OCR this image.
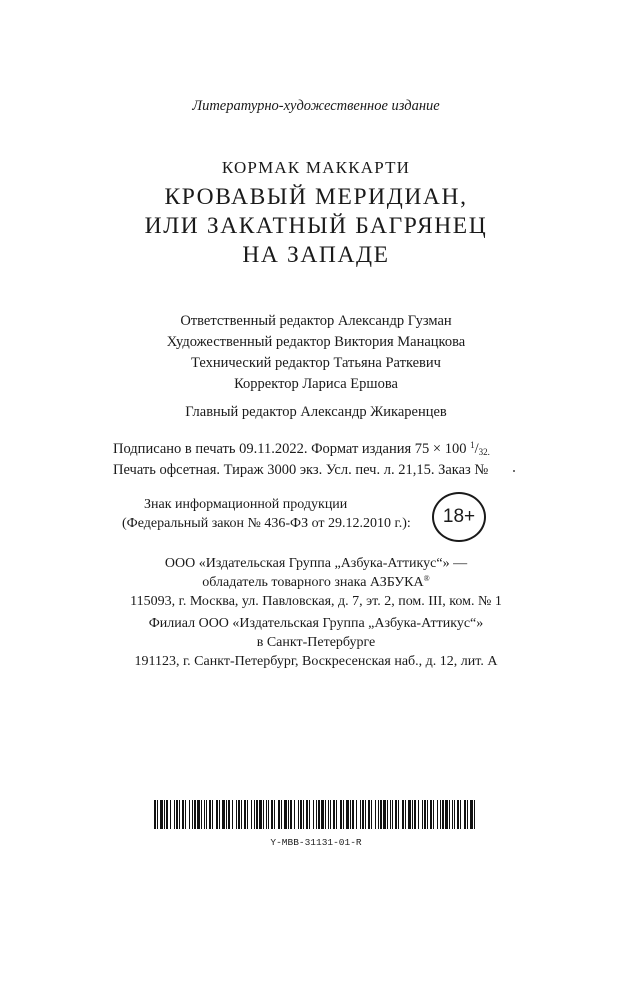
Литературно-художественное издание
КОРМАК МАККАРТИ
КРОВАВЫЙ МЕРИДИАН,
ИЛИ ЗАКАТНЫЙ БАГРЯНЕЦ
НА ЗАПАДЕ
Ответственный редактор Александр Гузман
Художественный редактор Виктория Манацкова
Технический редактор Татьяна Раткевич
Корректор Лариса Ершова
Главный редактор Александр Жикаренцев
Подписано в печать 09.11.2022. Формат издания 75 × 100 $^1$/32.
Печать офсетная. Тираж 3000 экз. Усл. печ. л. 21,15. Заказ №
Знак информационной продукции
(Федеральный закон № 436-ФЗ от 29.12.2010 г.): 18+
ООО «Издательская Группа „Азбука-Аттикус“» —
обладатель товарного знака АЗБУКА®
115093, г. Москва, ул. Павловская, д. 7, эт. 2, пом. III, ком. № 1
Филиал ООО «Издательская Группа „Азбука-Аттикус“»
в Санкт-Петербурге
191123, г. Санкт-Петербург, Воскресенская наб., д. 12, лит. А
Y-MBB-31131-01-R
